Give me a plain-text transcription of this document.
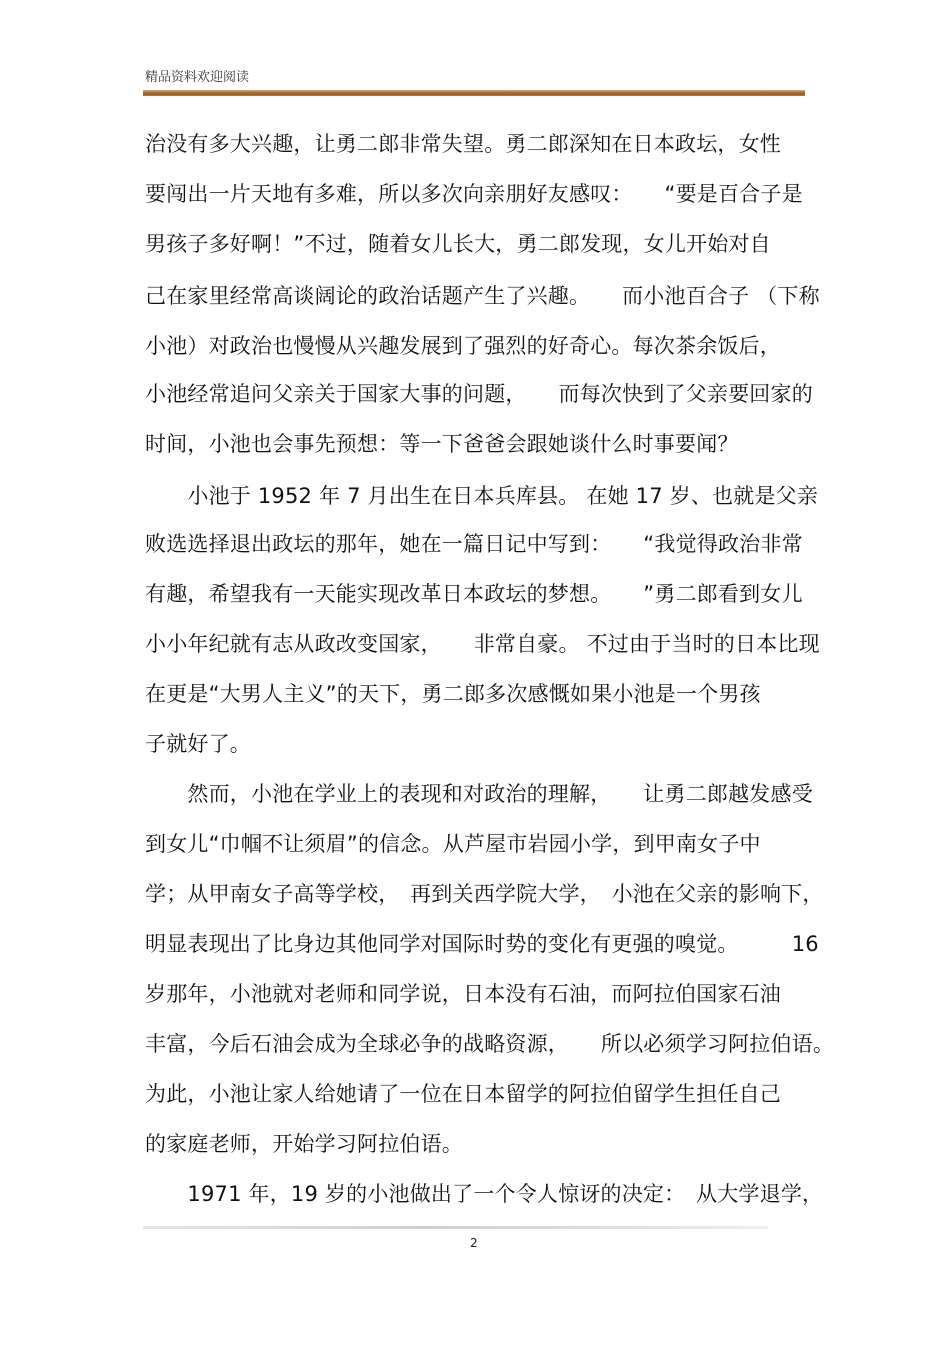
精品资料欢迎阅读
治没有多大兴趣，让勇二郎非常失望。勇二郎深知在日本政坛，女性
要闯出一片天地有多难，所以多次向亲朋好友感叹：　　“要是百合子是
男孩子多好啊！”不过，随着女儿长大，勇二郎发现，女儿开始对自
己在家里经常高谈阔论的政治话题产生了兴趣。　　而小池百合子 （下称
小池）对政治也慢慢从兴趣发展到了强烈的好奇心。每次茶余饭后，
小池经常追问父亲关于国家大事的问题，　　而每次快到了父亲要回家的
时间，小池也会事先预想：等一下爸爸会跟她谈什么时事要闻？
　　小池于 1952 年 7 月出生在日本兵库县。 在她 17 岁、也就是父亲
败选选择退出政坛的那年，她在一篇日记中写到：　　“我觉得政治非常
有趣，希望我有一天能实现改革日本政坛的梦想。　　”勇二郎看到女儿
小小年纪就有志从政改变国家，　　非常自豪。 不过由于当时的日本比现
在更是“大男人主义”的天下，勇二郎多次感慨如果小池是一个男孩
子就好了。
　　然而，小池在学业上的表现和对政治的理解，　　让勇二郎越发感受
到女儿“巾帼不让须眉”的信念。从芦屋市岩园小学，到甲南女子中
学；从甲南女子高等学校，　再到关西学院大学，　小池在父亲的影响下，
明显表现出了比身边其他同学对国际时势的变化有更强的嗅觉。　　　16
岁那年，小池就对老师和同学说，日本没有石油，而阿拉伯国家石油
丰富，今后石油会成为全球必争的战略资源，　　所以必须学习阿拉伯语。
为此，小池让家人给她请了一位在日本留学的阿拉伯留学生担任自己
的家庭老师，开始学习阿拉伯语。
　　1971 年，19 岁的小池做出了一个令人惊讶的决定：　从大学退学，
2
